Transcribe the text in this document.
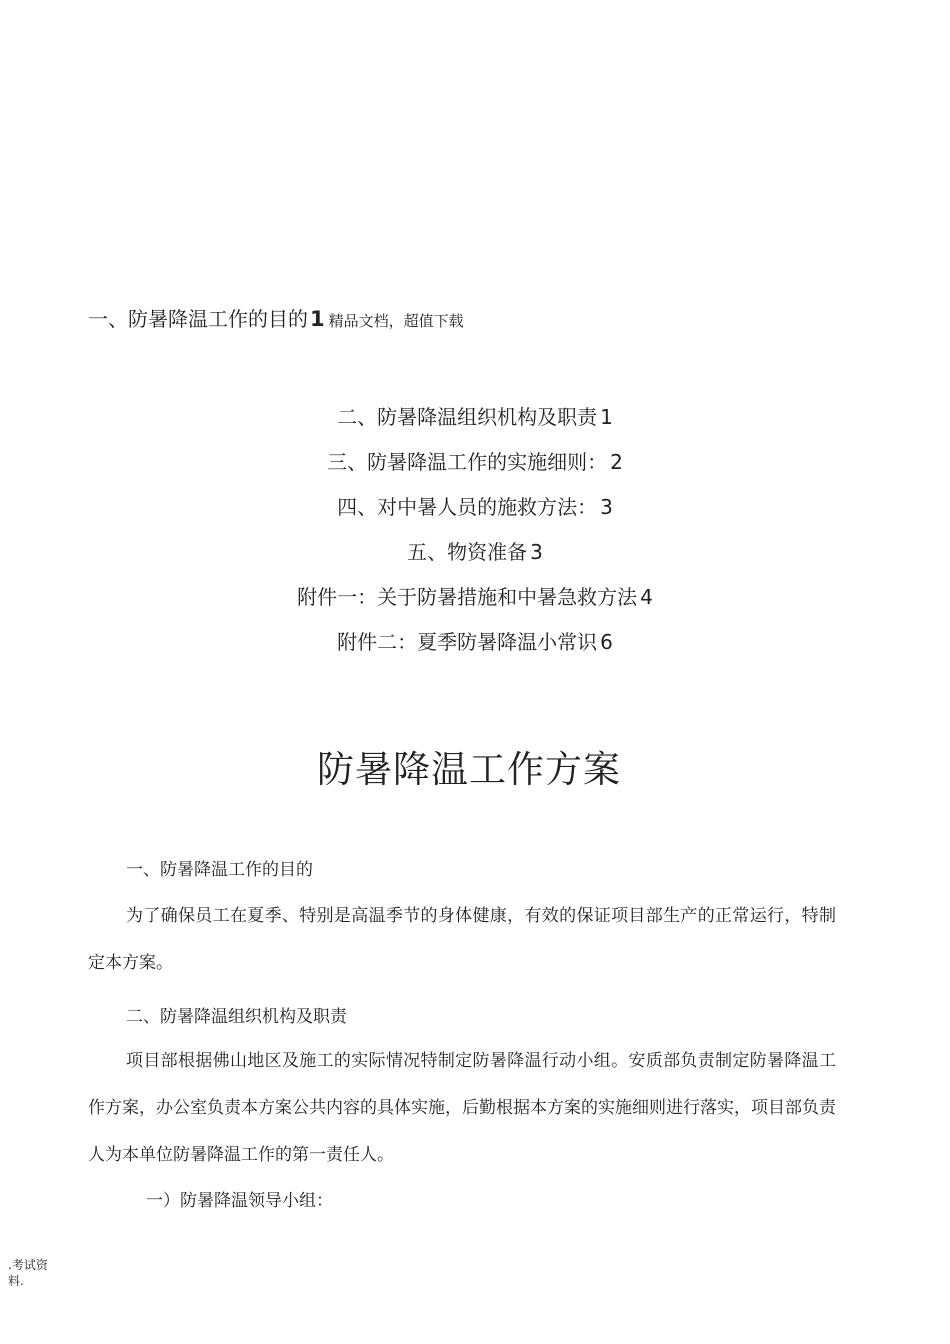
一、防暑降温工作的目的1 精品文档，超值下载
二、防暑降温组织机构及职责 1
三、防暑降温工作的实施细则： 2
四、对中暑人员的施救方法： 3
五、物资准备 3
附件一：关于防暑措施和中暑急救方法 4
附件二：夏季防暑降温小常识 6
防暑降温工作方案
一、防暑降温工作的目的

为了确保员工在夏季、特别是高温季节的身体健康，有效的保证项目部生产的正常运行，特制定本方案。

二、防暑降温组织机构及职责

项目部根据佛山地区及施工的实际情况特制定防暑降温行动小组。安质部负责制定防暑降温工作方案，办公室负责本方案公共内容的具体实施，后勤根据本方案的实施细则进行落实，项目部负责人为本单位防暑降温工作的第一责任人。

一）防暑降温领导小组：
.考试资料.
